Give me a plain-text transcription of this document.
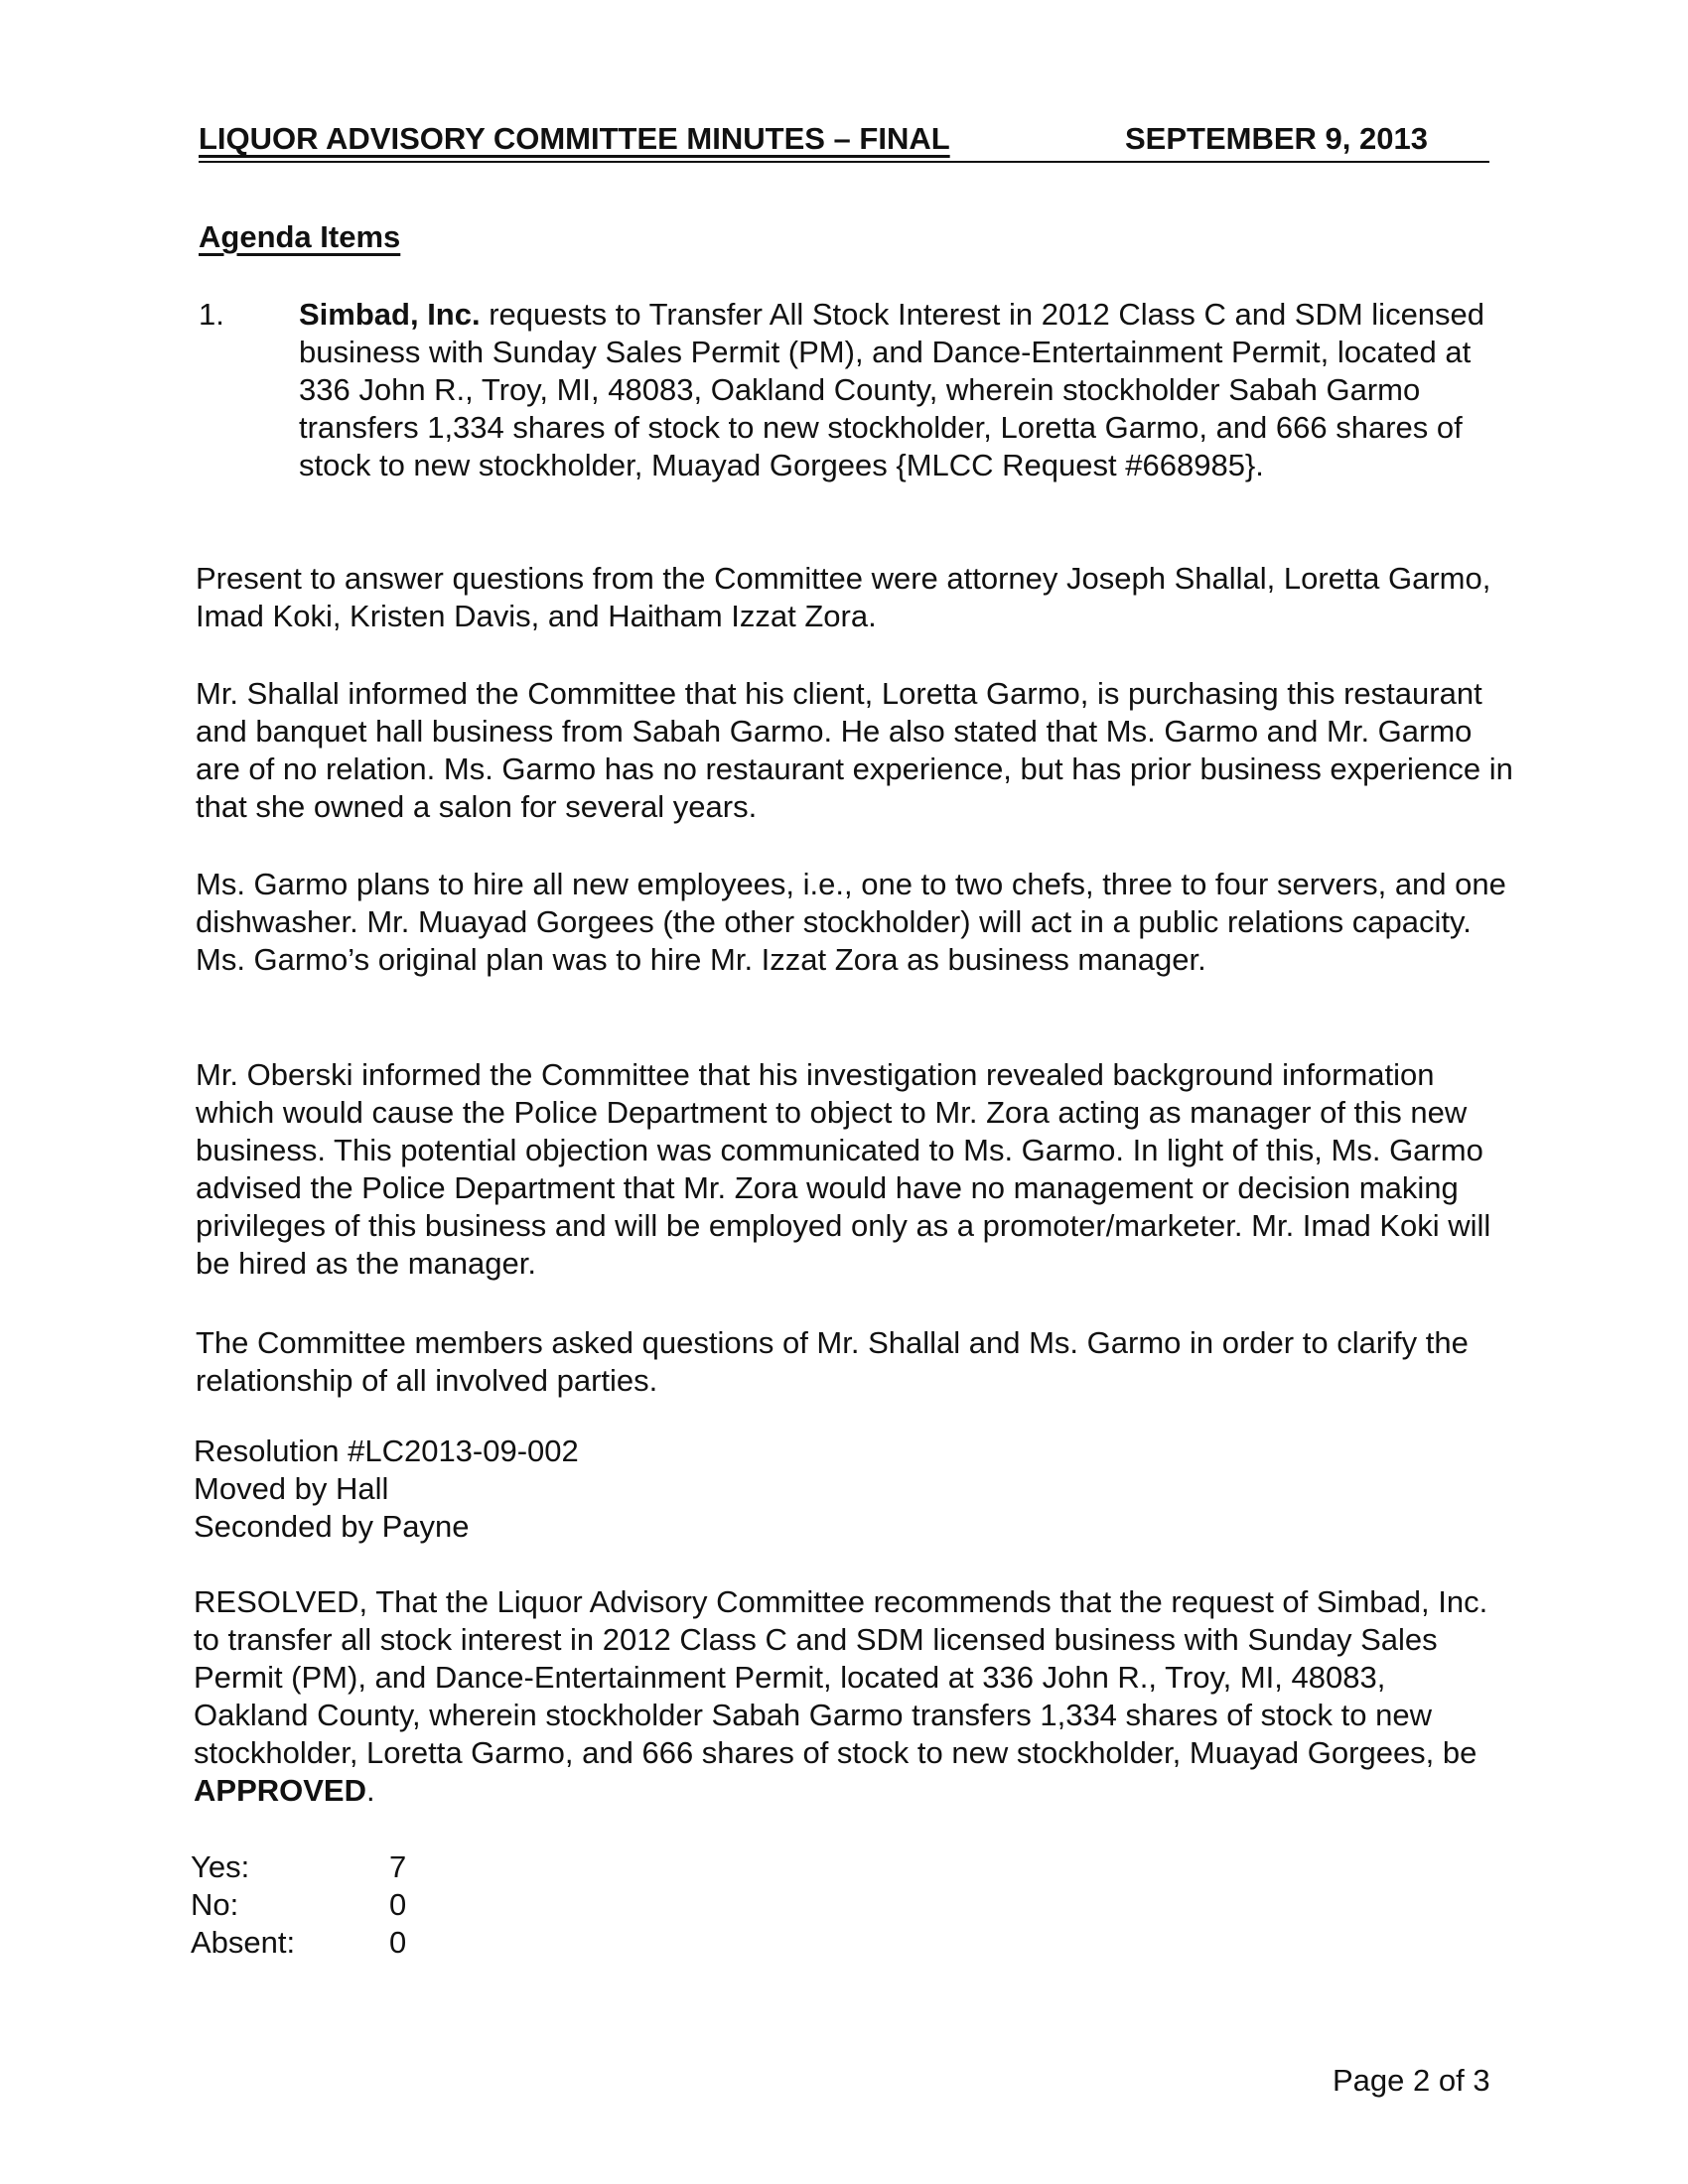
LIQUOR ADVISORY COMMITTEE MINUTES – FINAL	SEPTEMBER 9, 2013
Agenda Items
1. Simbad, Inc. requests to Transfer All Stock Interest in 2012 Class C and SDM licensed business with Sunday Sales Permit (PM), and Dance-Entertainment Permit, located at 336 John R., Troy, MI, 48083, Oakland County, wherein stockholder Sabah Garmo transfers 1,334 shares of stock to new stockholder, Loretta Garmo, and 666 shares of stock to new stockholder, Muayad Gorgees {MLCC Request #668985}.
Present to answer questions from the Committee were attorney Joseph Shallal, Loretta Garmo, Imad Koki, Kristen Davis, and Haitham Izzat Zora.
Mr. Shallal informed the Committee that his client, Loretta Garmo, is purchasing this restaurant and banquet hall business from Sabah Garmo. He also stated that Ms. Garmo and Mr. Garmo are of no relation. Ms. Garmo has no restaurant experience, but has prior business experience in that she owned a salon for several years.
Ms. Garmo plans to hire all new employees, i.e., one to two chefs, three to four servers, and one dishwasher. Mr. Muayad Gorgees (the other stockholder) will act in a public relations capacity. Ms. Garmo’s original plan was to hire Mr. Izzat Zora as business manager.
Mr. Oberski informed the Committee that his investigation revealed background information which would cause the Police Department to object to Mr. Zora acting as manager of this new business. This potential objection was communicated to Ms. Garmo. In light of this, Ms. Garmo advised the Police Department that Mr. Zora would have no management or decision making privileges of this business and will be employed only as a promoter/marketer. Mr. Imad Koki will be hired as the manager.
The Committee members asked questions of Mr. Shallal and Ms. Garmo in order to clarify the relationship of all involved parties.
Resolution #LC2013-09-002
Moved by Hall
Seconded by Payne
RESOLVED, That the Liquor Advisory Committee recommends that the request of Simbad, Inc. to transfer all stock interest in 2012 Class C and SDM licensed business with Sunday Sales Permit (PM), and Dance-Entertainment Permit, located at 336 John R., Troy, MI, 48083, Oakland County, wherein stockholder Sabah Garmo transfers 1,334 shares of stock to new stockholder, Loretta Garmo, and 666 shares of stock to new stockholder, Muayad Gorgees, be APPROVED.
Yes:	7
No:	0
Absent:	0
Page 2 of 3
